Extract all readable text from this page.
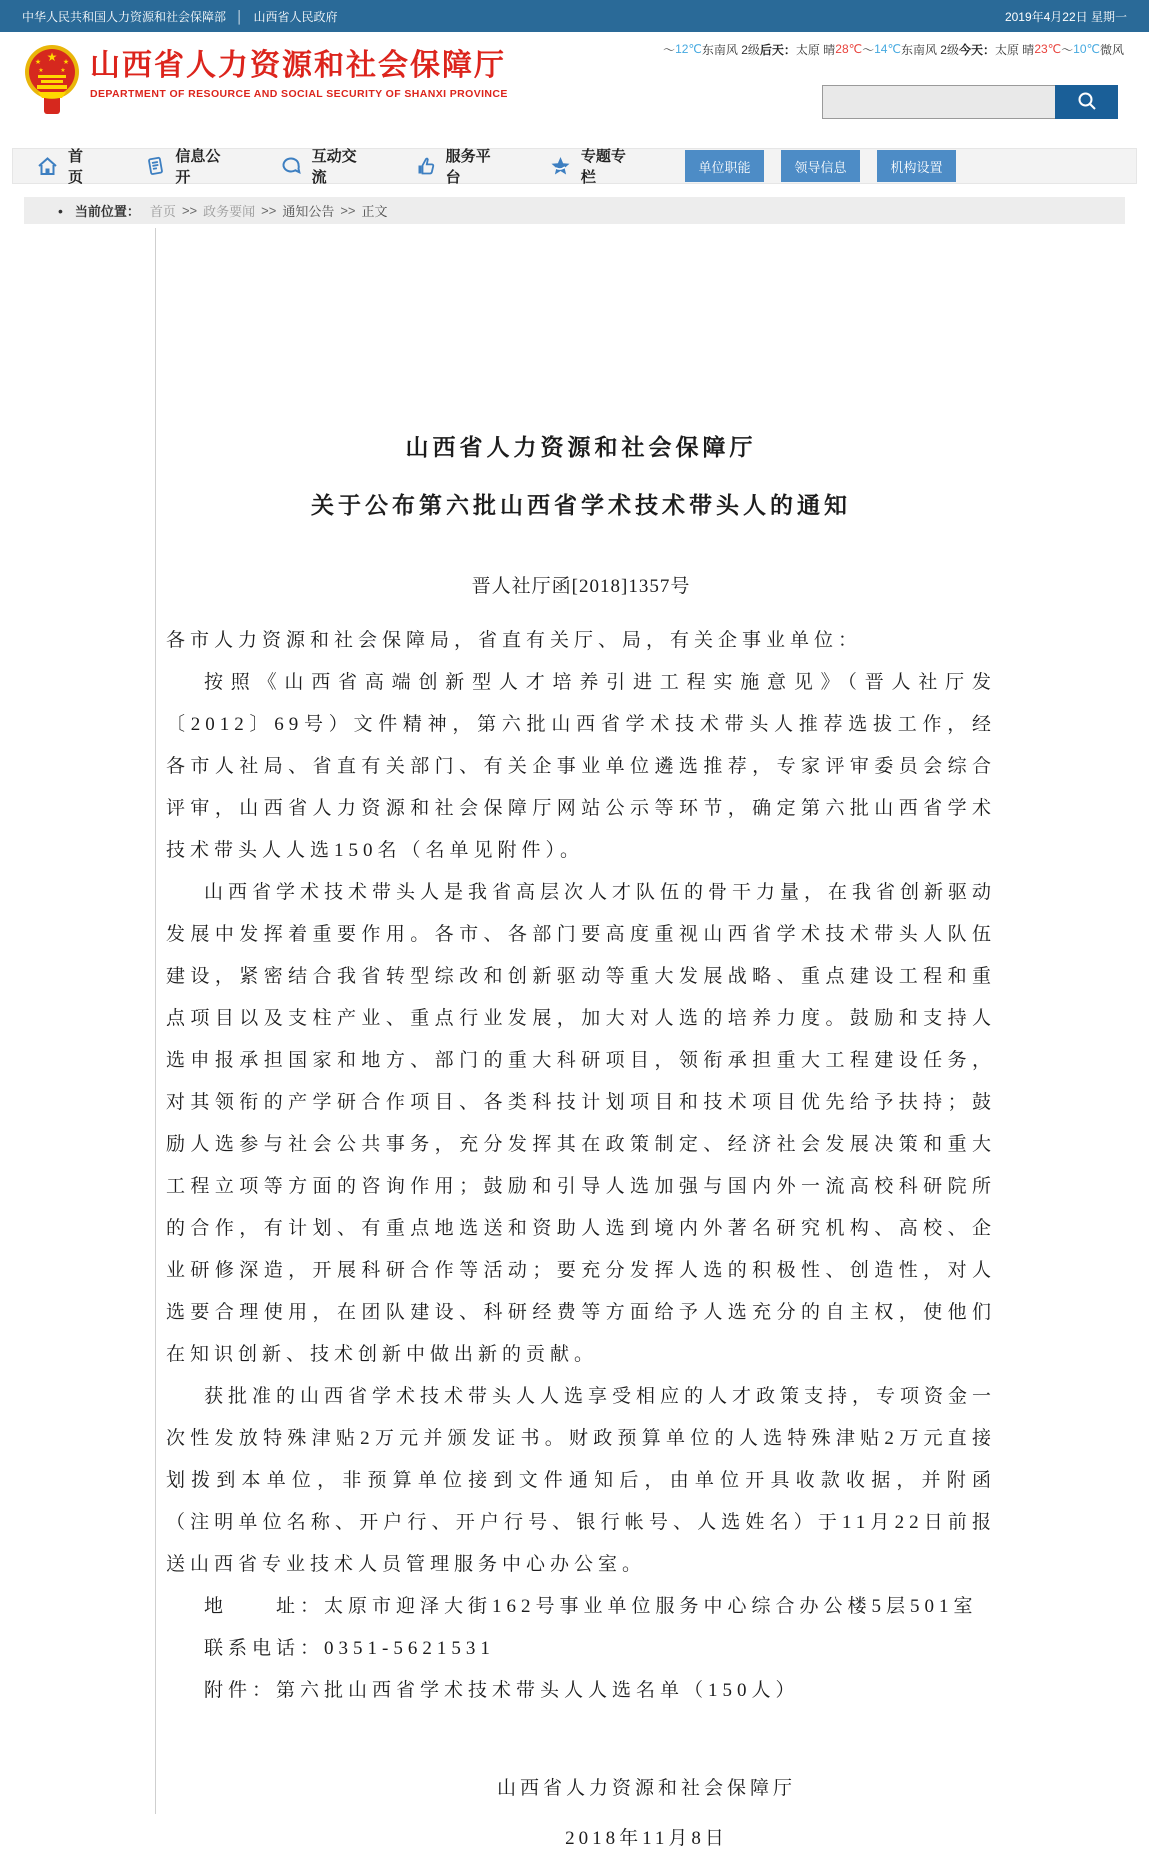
中华人民共和国人力资源和社会保障部 │ 山西省人民政府	2019年4月22日 星期一
★
★	★
★	★ 山西省人力资源和社会保障厅
DEPARTMENT OF RESOURCE AND SOCIAL SECURITY OF SHANXI PROVINCE
～ 12℃ 东南风 2级 后天： 太原 晴 28℃ ～ 14℃ 东南风 2级 今天： 太原 晴 23℃ ～ 10℃ 微风
首页
信息公开
互动交流
服务平台
专题专栏
单位职能	领导信息	机构设置
• 当前位置： 首页 >> 政务要闻 >> 通知公告 >> 正文
山西省人力资源和社会保障厅
关于公布第六批山西省学术技术带头人的通知
晋人社厅函[2018]1357号

各市人力资源和社会保障局，省直有关厅、局，有关企事业单位：

按照《山西省高端创新型人才培养引进工程实施意见》（晋人社厅发〔2012〕69号）文件精神，第六批山西省学术技术带头人推荐选拔工作，经各市人社局、省直有关部门、有关企事业单位遴选推荐，专家评审委员会综合评审，山西省人力资源和社会保障厅网站公示等环节，确定第六批山西省学术技术带头人人选150名（名单见附件）。

山西省学术技术带头人是我省高层次人才队伍的骨干力量，在我省创新驱动发展中发挥着重要作用。各市、各部门要高度重视山西省学术技术带头人队伍建设，紧密结合我省转型综改和创新驱动等重大发展战略、重点建设工程和重点项目以及支柱产业、重点行业发展，加大对人选的培养力度。鼓励和支持人选申报承担国家和地方、部门的重大科研项目，领衔承担重大工程建设任务，对其领衔的产学研合作项目、各类科技计划项目和技术项目优先给予扶持；鼓励人选参与社会公共事务，充分发挥其在政策制定、经济社会发展决策和重大工程立项等方面的咨询作用；鼓励和引导人选加强与国内外一流高校科研院所的合作，有计划、有重点地选送和资助人选到境内外著名研究机构、高校、企业研修深造，开展科研合作等活动；要充分发挥人选的积极性、创造性，对人选要合理使用，在团队建设、科研经费等方面给予人选充分的自主权，使他们在知识创新、技术创新中做出新的贡献。

获批准的山西省学术技术带头人人选享受相应的人才政策支持，专项资金一次性发放特殊津贴2万元并颁发证书。财政预算单位的人选特殊津贴2万元直接划拨到本单位，非预算单位接到文件通知后，由单位开具收款收据，并附函（注明单位名称、开户行、开户行号、银行帐号、人选姓名）于11月22日前报送山西省专业技术人员管理服务中心办公室。

地　　址：太原市迎泽大街162号事业单位服务中心综合办公楼5层501室

联系电话：0351-5621531

附件：第六批山西省学术技术带头人人选名单（150人）

山西省人力资源和社会保障厅
2018年11月8日
